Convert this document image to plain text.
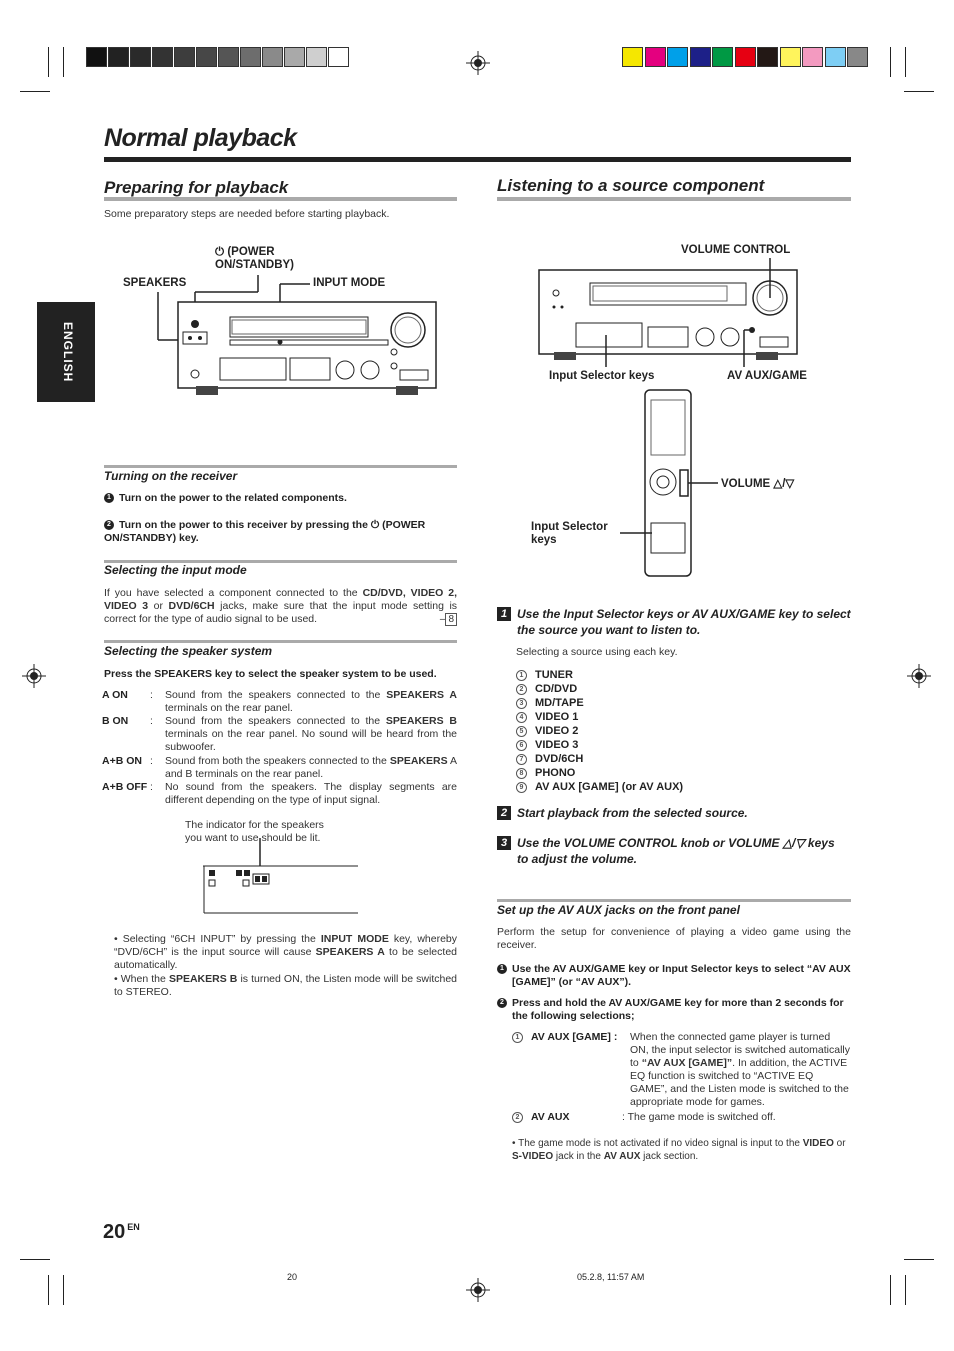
Normal playback
ENGLISH
Preparing for playback
Some preparatory steps are needed before starting playback.
⏻ (POWER ON/STANDBY)
SPEAKERS	INPUT MODE
Turning on the receiver
1 Turn on the power to the related components.
2 Turn on the power to this receiver by pressing the ⏻ (POWER ON/STANDBY) key.
Selecting the input mode
If you have selected a component connected to the CD/DVD, VIDEO 2, VIDEO 3 or DVD/6CH jacks, make sure that the input mode setting is correct for the type of audio signal to be used.	– 8
Selecting the speaker system
Press the SPEAKERS key to select the speaker system to be used.
A ON : Sound from the speakers connected to the SPEAKERS A terminals on the rear panel.
B ON : Sound from the speakers connected to the SPEAKERS B terminals on the rear panel. No sound will be heard from the subwoofer.
A+B ON : Sound from both the speakers connected to the SPEAKERS A and B terminals on the rear panel.
A+B OFF : No sound from the speakers. The display segments are different depending on the type of input signal.
The indicator for the speakers
you want to use should be lit.
• Selecting “6CH INPUT” by pressing the INPUT MODE key, whereby “DVD/6CH” is the input source will cause SPEAKERS A to be selected automatically.
• When the SPEAKERS B is turned ON, the Listen mode will be switched to STEREO.
Listening to a source component
VOLUME CONTROL
Input Selector keys	AV AUX/GAME
VOLUME △/▽
Input Selector keys
1 Use the Input Selector keys or AV AUX/GAME key to select the source you want to listen to.
Selecting a source using each key.
1 TUNER
2 CD/DVD
3 MD/TAPE
4 VIDEO 1
5 VIDEO 2
6 VIDEO 3
7 DVD/6CH
8 PHONO
9 AV AUX [GAME] (or AV AUX)
2 Start playback from the selected source.
3 Use the VOLUME CONTROL knob or VOLUME △/▽ keys to adjust the volume.
Set up the AV AUX jacks on the front panel
Perform the setup for convenience of playing a video game using the receiver.
1 Use the AV AUX/GAME key or Input Selector keys to select “AV AUX [GAME]” (or “AV AUX”).
2 Press and hold the AV AUX/GAME key for more than 2 seconds for the following selections;
1 AV AUX [GAME] : When the connected game player is turned ON, the input selector is switched automatically to “AV AUX [GAME]”. In addition, the ACTIVE EQ function is switched to “ACTIVE EQ GAME”, and the Listen mode is switched to the appropriate mode for games.
2 AV AUX	: The game mode is switched off.
• The game mode is not activated if no video signal is input to the VIDEO or S-VIDEO jack in the AV AUX jack section.
20 $^{EN}$
20	05.2.8, 11:57 AM
